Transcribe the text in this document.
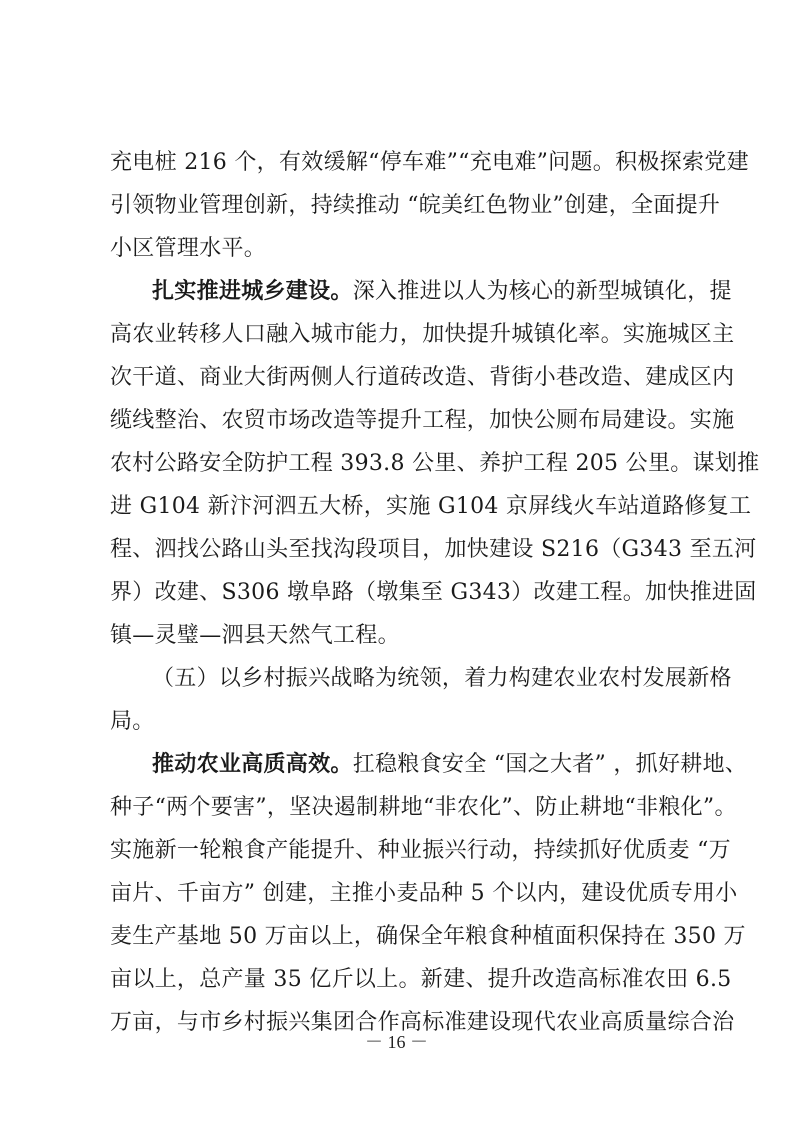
充电桩 216 个，有效缓解“停车难”“充电难”问题。积极探索党建
引领物业管理创新，持续推动 “皖美红色物业”创建，全面提升
小区管理水平。
扎实推进城乡建设。深入推进以人为核心的新型城镇化，提
高农业转移人口融入城市能力，加快提升城镇化率。实施城区主
次干道、商业大街两侧人行道砖改造、背街小巷改造、建成区内
缆线整治、农贸市场改造等提升工程，加快公厕布局建设。实施
农村公路安全防护工程 393.8 公里、养护工程 205 公里。谋划推
进 G104 新汴河泗五大桥，实施 G104 京屏线火车站道路修复工
程、泗找公路山头至找沟段项目，加快建设 S216（G343 至五河
界）改建、S306 墩阜路（墩集至 G343）改建工程。加快推进固
镇—灵璧—泗县天然气工程。
（五）以乡村振兴战略为统领，着力构建农业农村发展新格
局。
推动农业高质高效。扛稳粮食安全 “国之大者” ，抓好耕地、
种子“两个要害”，坚决遏制耕地“非农化”、防止耕地“非粮化”。
实施新一轮粮食产能提升、种业振兴行动，持续抓好优质麦 “万
亩片、千亩方” 创建，主推小麦品种 5 个以内，建设优质专用小
麦生产基地 50 万亩以上，确保全年粮食种植面积保持在 350 万
亩以上，总产量 35 亿斤以上。新建、提升改造高标准农田 6.5
万亩，与市乡村振兴集团合作高标准建设现代农业高质量综合治
－ 16 －
